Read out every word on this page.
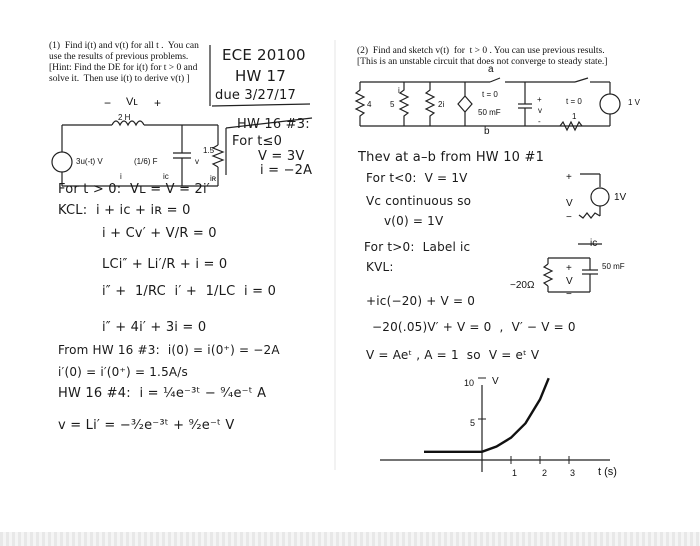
(1)  Find i(t) and v(t) for all t .  You can
use the results of previous problems.
[Hint: Find the DE for i(t) for t > 0 and
solve it.  Then use i(t) to derive v(t) ]
ECE 20100
HW 17
due 3/27/17
(2)  Find and sketch v(t)  for  t > 0 . You can use previous results.
[This is an unstable circuit that does not converge to steady state.]
Vʟ
−	+
2 H
3u(-t) V	(1/6) F	v
1.5
i	iᴄ	iʀ
HW 16 #3:
For t≤0
V = 3V
i = −2A
For t > 0:  Vʟ = V = 2i′
KCL:  i + iᴄ + iʀ = 0
i + Cv′ + V/R = 0
LCi″ + Li′/R + i = 0
i″ +  1/RC  i′ +  1/LC  i = 0
i″ + 4i′ + 3i = 0
From HW 16 #3:  i(0) = i(0⁺) = −2A
i′(0) = i′(0⁺) = 1.5A/s
HW 16 #4:  i = ¼e⁻³ᵗ − ⁹⁄₄e⁻ᵗ A
v = Li′ = −³⁄₂e⁻³ᵗ + ⁹⁄₂e⁻ᵗ V
a
b
4 5	2i
i	t = 0
50 mF
+
v
-
t = 0
1
1 V
Thev at a–b from HW 10 #1
For t<0:  V = 1V
Vc continuous so
v(0) = 1V
For t>0:  Label iᴄ
KVL:
+iᴄ(−20) + V = 0
−20(.05)V′ + V = 0  ,  V′ − V = 0
V = Aeᵗ , A = 1  so  V = eᵗ V
1V
V
+
−
−20Ω
50 mF
iᴄ
V
+
−
V
t (s)
10
5
1	2	3
